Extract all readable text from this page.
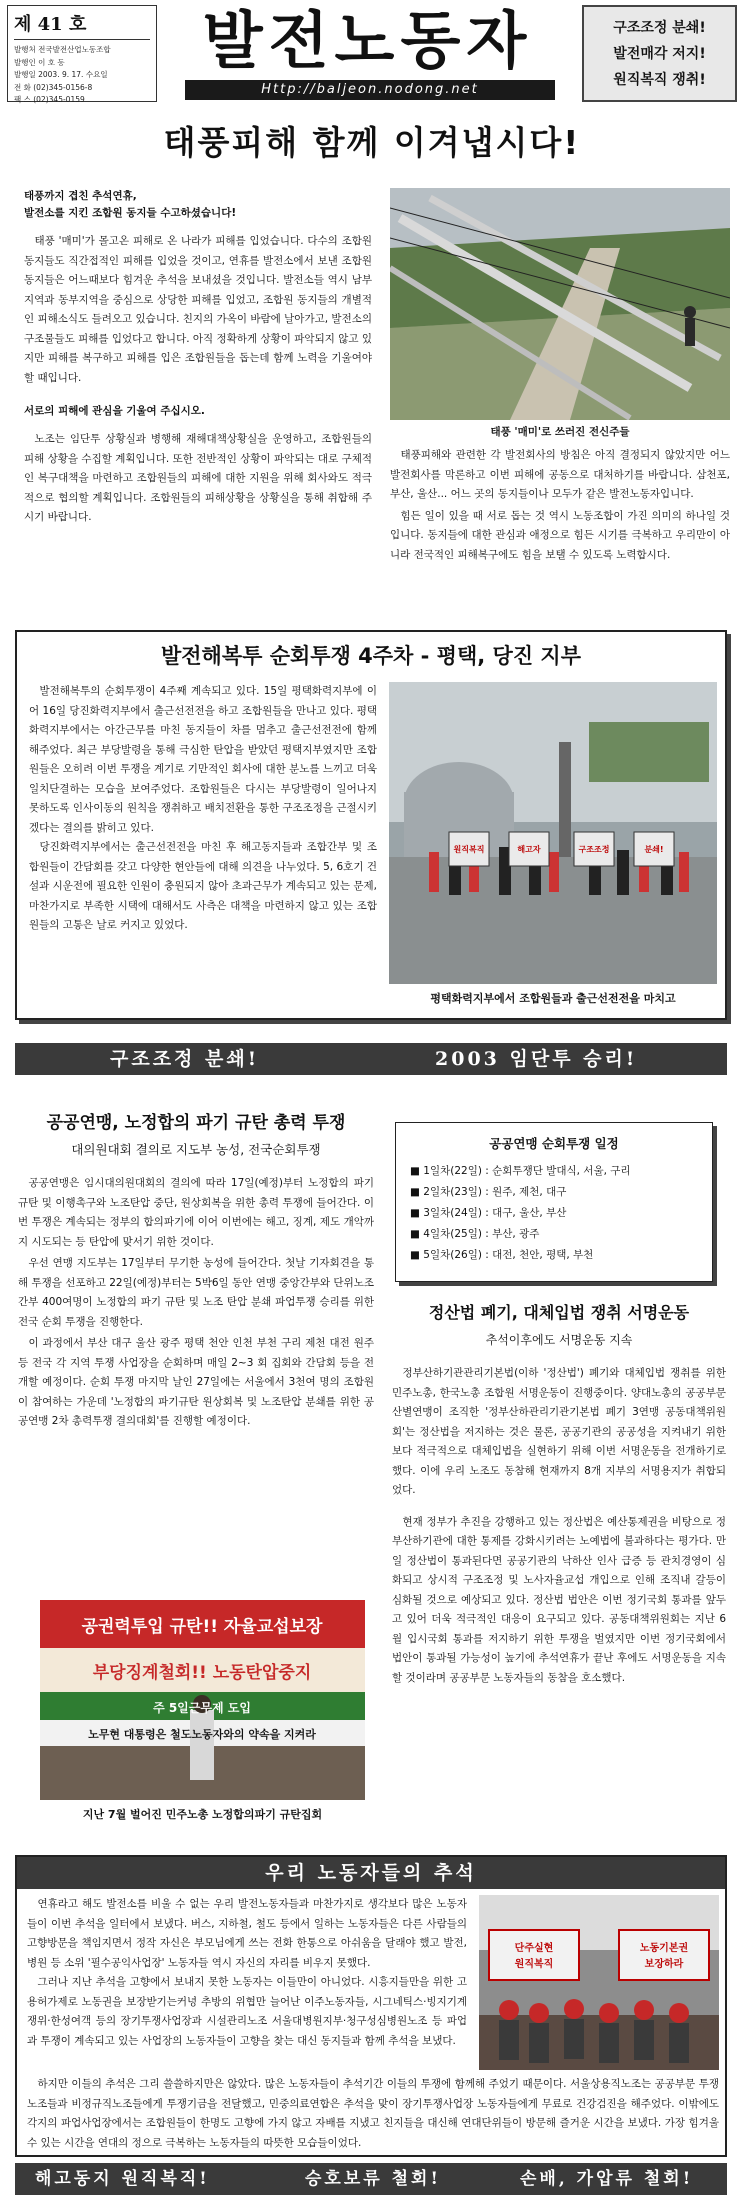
제 41 호
발행처 전국발전산업노동조합
발행인 이 호 동
발행일 2003. 9. 17. 수요일
전 화 (02)345-0156-8
팩 스 (02)345-0159
발전노동자
Http://baljeon.nodong.net
구조조정 분쇄!
발전매각 저지!
원직복직 쟁취!
태풍피해 함께 이겨냅시다!
태풍까지 겹친 추석연휴,
발전소를 지킨 조합원 동지들 수고하셨습니다!

태풍 '매미'가 몰고온 피해로 온 나라가 피해를 입었습니다. 다수의 조합원 동지들도 직간접적인 피해를 입었을 것이고, 연휴를 발전소에서 보낸 조합원 동지들은 어느때보다 힘겨운 추석을 보내셨을 것입니다. 발전소들 역시 남부지역과 동부지역을 중심으로 상당한 피해를 입었고, 조합원 동지들의 개별적인 피해소식도 들려오고 있습니다. 친지의 가옥이 바람에 날아가고, 발전소의 구조물들도 피해를 입었다고 합니다. 아직 정확하게 상황이 파악되지 않고 있지만 피해를 복구하고 피해를 입은 조합원들을 돕는데 함께 노력을 기울여야 할 때입니다.

서로의 피해에 관심을 기울여 주십시오.

노조는 임단투 상황실과 병행해 재해대책상황실을 운영하고, 조합원들의 피해 상황을 수집할 계획입니다. 또한 전반적인 상황이 파악되는 대로 구체적인 복구대책을 마련하고 조합원들의 피해에 대한 지원을 위해 회사와도 적극적으로 협의할 계획입니다. 조합원들의 피해상황을 상황실을 통해 취합해 주시기 바랍니다.

태풍 '매미'로 쓰러진 전신주들

태풍피해와 관련한 각 발전회사의 방침은 아직 결정되지 않았지만 어느 발전회사를 막론하고 이번 피해에 공동으로 대처하기를 바랍니다. 삼천포, 부산, 울산... 어느 곳의 동지들이나 모두가 같은 발전노동자입니다.

힘든 일이 있을 때 서로 돕는 것 역시 노동조합이 가진 의미의 하나일 것입니다. 동지들에 대한 관심과 애정으로 힘든 시기를 극복하고 우리만이 아니라 전국적인 피해복구에도 힘을 보탤 수 있도록 노력합시다.

발전해복투 순회투쟁 4주차 - 평택, 당진 지부

발전해복투의 순회투쟁이 4주째 계속되고 있다. 15일 평택화력지부에 이어 16일 당진화력지부에서 출근선전전을 하고 조합원들을 만나고 있다. 평택화력지부에서는 아간근무를 마친 동지들이 차를 멈추고 출근선전전에 함께 해주었다. 최근 부당발령을 통해 극심한 탄압을 받았던 평택지부였지만 조합원들은 오히려 이번 투쟁을 계기로 기만적인 회사에 대한 분노를 느끼고 더욱 일치단결하는 모습을 보여주었다. 조합원들은 다시는 부당발령이 일어나지 못하도록 인사이동의 원칙을 쟁취하고 배치전환을 통한 구조조정을 근절시키겠다는 결의를 밝히고 있다.

당진화력지부에서는 출근선전전을 마친 후 해고동지들과 조합간부 및 조합원들이 간담회를 갖고 다양한 현안들에 대해 의견을 나누었다. 5, 6호기 건설과 시운전에 필요한 인원이 충원되지 않아 초과근무가 계속되고 있는 문제, 마찬가지로 부족한 시택에 대해서도 사측은 대책을 마련하지 않고 있는 조합원들의 고통은 날로 커지고 있었다.

원직복직	해고자	구조조정	분쇄!
평택화력지부에서 조합원들과 출근선전전을 마치고
구조조정 분쇄!	2003 임단투 승리!
공공연맹, 노정합의 파기 규탄 총력 투쟁
대의원대회 결의로 지도부 농성, 전국순회투쟁

공공연맹은 임시대의원대회의 결의에 따라 17일(예정)부터 노정합의 파기 규탄 및 이행촉구와 노조탄압 중단, 원상회복을 위한 총력 투쟁에 들어간다. 이번 투쟁은 계속되는 정부의 합의파기에 이어 이번에는 해고, 징계, 제도 개악까지 시도되는 등 탄압에 맞서기 위한 것이다.

우선 연맹 지도부는 17일부터 무기한 농성에 들어간다. 첫날 기자회견을 통해 투쟁을 선포하고 22일(예정)부터는 5박6일 동안 연맹 중앙간부와 단위노조 간부 400여명이 노정합의 파기 규탄 및 노조 탄압 분쇄 파업투쟁 승리를 위한 전국 순회 투쟁을 진행한다.

이 과정에서 부산 대구 울산 광주 평택 천안 인천 부천 구리 제천 대전 원주 등 전국 각 지역 투쟁 사업장을 순회하며 매일 2~3 회 집회와 간담회 등을 전개할 예정이다. 순회 투쟁 마지막 날인 27일에는 서울에서 3천여 명의 조합원이 참여하는 가운데 '노정합의 파기규탄 원상회복 및 노조탄압 분쇄를 위한 공공연맹 2차 총력투쟁 결의대회'를 진행할 예정이다.

공권력투입 규탄!! 자율교섭보장
부당징계철회!! 노동탄압중지
주 5일근무제 도입
노무현 대통령은 철도노동자와의 약속을 지켜라
지난 7월 벌어진 민주노총 노정합의파기 규탄집회
공공연맹 순회투쟁 일정
■ 1일차(22일) : 순회투쟁단 발대식, 서울, 구리
■ 2일차(23일) : 원주, 제천, 대구
■ 3일차(24일) : 대구, 울산, 부산
■ 4일차(25일) : 부산, 광주
■ 5일차(26일) : 대전, 천안, 평택, 부천
정산법 폐기, 대체입법 쟁취 서명운동
추석이후에도 서명운동 지속

정부산하기관관리기본법(이하 '정산법') 폐기와 대체입법 쟁취를 위한 민주노총, 한국노총 조합원 서명운동이 진행중이다. 양대노총의 공공부문 산별연맹이 조직한 '정부산하관리기관기본법 폐기 3연맹 공동대책위원회'는 정산법을 저지하는 것은 물론, 공공기관의 공공성을 지켜내기 위한 보다 적극적으로 대체입법을 실현하기 위해 이번 서명운동을 전개하기로 했다. 이에 우리 노조도 동참해 현재까지 8개 지부의 서명용지가 취합되었다.

현재 정부가 추진을 강행하고 있는 정산법은 예산통제권을 비탕으로 정부산하기관에 대한 통제를 강화시키려는 노예법에 불과하다는 평가다. 만일 정산법이 통과된다면 공공기관의 낙하산 인사 급증 등 관치경영이 심화되고 상시적 구조조정 및 노사자율교섭 개입으로 인해 조직내 갈등이 심화될 것으로 예상되고 있다. 정산법 법안은 이번 정기국회 통과를 앞두고 있어 더욱 적극적인 대응이 요구되고 있다. 공동대책위원회는 지난 6월 입시국회 통과를 저지하기 위한 투쟁을 벌였지만 이번 정기국회에서 법안이 통과될 가능성이 높기에 추석연휴가 끝난 후에도 서명운동을 지속할 것이라며 공공부문 노동자들의 동참을 호소했다.

우리 노동자들의 추석

연휴라고 해도 발전소를 비울 수 없는 우리 발전노동자들과 마찬가지로 생각보다 많은 노동자들이 이번 추석을 일터에서 보냈다. 버스, 지하철, 철도 등에서 일하는 노동자들은 다른 사람들의 고향방문을 책임지면서 정작 자신은 부모님에게 쓰는 전화 한통으로 아쉬움을 달래야 했고 발전, 병원 등 소위 '필수공익사업장' 노동자들 역시 자신의 자리를 비우지 못했다.

그러나 지난 추석을 고향에서 보내지 못한 노동자는 이들만이 아니었다. 시흥지들만을 위한 고용허가제로 노동권을 보장받기는커녕 추방의 위협만 늘어난 이주노동자들, 시그네틱스·빙지기계쟁위·한성여객 등의 장기투쟁사업장과 시설관리노조 서울대병원지부·청구성심병원노조 등 파업과 투쟁이 계속되고 있는 사업장의 노동자들이 고향을 찾는 대신 동지들과 함께 추석을 보냈다.

단주실현
원직복직
노동기본권
보장하라

하지만 이들의 추석은 그리 쓸쓸하지만은 않았다. 많은 노동자들이 추석기간 이들의 투쟁에 함께해 주었기 때문이다. 서울상용직노조는 공공부문 투쟁노조들과 비정규직노조들에게 투쟁기금을 전달했고, 민중의료연합은 추석을 맞이 장기투쟁사업장 노동자들에게 무료로 건강검진을 해주었다. 이밖에도 각지의 파업사업장에서는 조합원들이 한명도 고향에 가지 않고 자배를 지냈고 친지들을 대신해 연대단위들이 방문해 즐거운 시간을 보냈다. 가장 힘겨울 수 있는 시간을 연대의 정으로 극복하는 노동자들의 따뜻한 모습들이었다.

해고동지 원직복직!	승호보류 철회!	손배, 가압류 철회!
